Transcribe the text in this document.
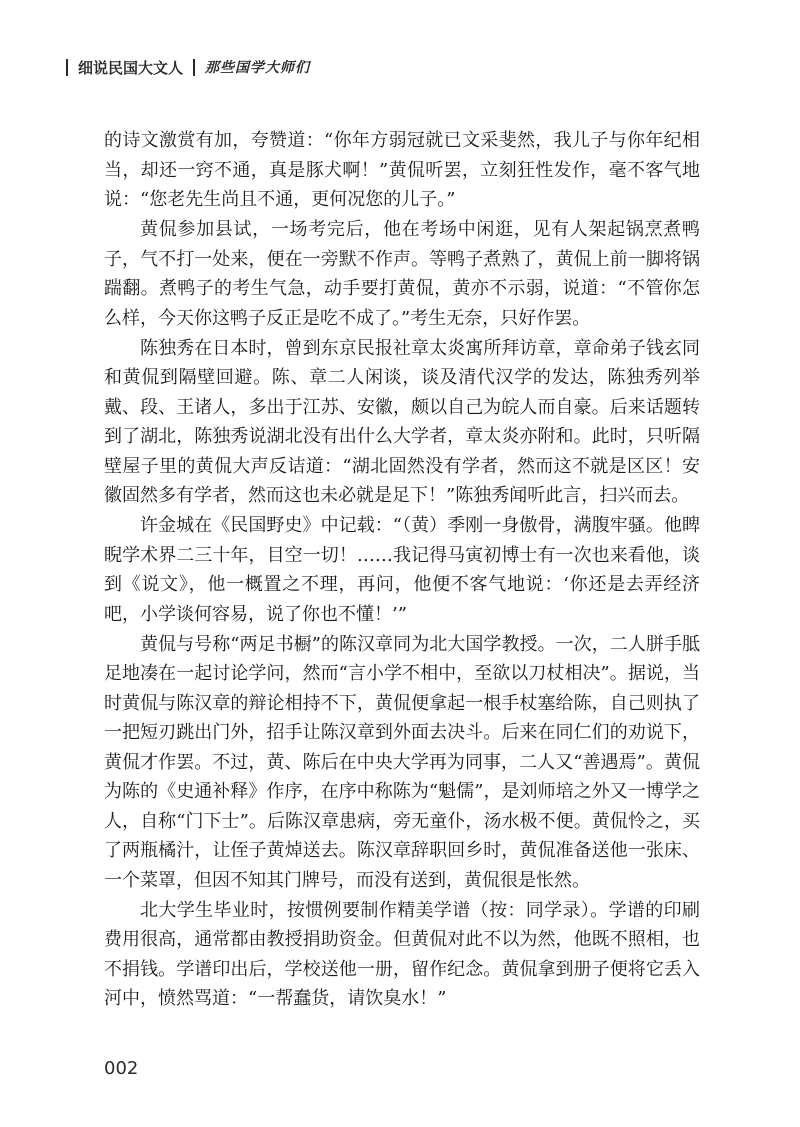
细说民国大文人 那些国学大师们

的诗文激赏有加，夸赞道：“你年方弱冠就已文采斐然，我儿子与你年纪相当，却还一窍不通，真是豚犬啊！”黄侃听罢，立刻狂性发作，毫不客气地说：“您老先生尚且不通，更何况您的儿子。”

黄侃参加县试，一场考完后，他在考场中闲逛，见有人架起锅烹煮鸭子，气不打一处来，便在一旁默不作声。等鸭子煮熟了，黄侃上前一脚将锅踹翻。煮鸭子的考生气急，动手要打黄侃，黄亦不示弱，说道：“不管你怎么样，今天你这鸭子反正是吃不成了。”考生无奈，只好作罢。

陈独秀在日本时，曾到东京民报社章太炎寓所拜访章，章命弟子钱玄同和黄侃到隔壁回避。陈、章二人闲谈，谈及清代汉学的发达，陈独秀列举戴、段、王诸人，多出于江苏、安徽，颇以自己为皖人而自豪。后来话题转到了湖北，陈独秀说湖北没有出什么大学者，章太炎亦附和。此时，只听隔壁屋子里的黄侃大声反诘道：“湖北固然没有学者，然而这不就是区区！安徽固然多有学者，然而这也未必就是足下！”陈独秀闻听此言，扫兴而去。

许金城在《民国野史》中记载：“（黄）季刚一身傲骨，满腹牢骚。他睥睨学术界二三十年，目空一切！……我记得马寅初博士有一次也来看他，谈到《说文》，他一概置之不理，再问，他便不客气地说：‘你还是去弄经济吧，小学谈何容易，说了你也不懂！’”

黄侃与号称“两足书橱”的陈汉章同为北大国学教授。一次，二人胼手胝足地凑在一起讨论学问，然而“言小学不相中，至欲以刀杖相决”。据说，当时黄侃与陈汉章的辩论相持不下，黄侃便拿起一根手杖塞给陈，自己则执了一把短刃跳出门外，招手让陈汉章到外面去决斗。后来在同仁们的劝说下，黄侃才作罢。不过，黄、陈后在中央大学再为同事，二人又“善遇焉”。黄侃为陈的《史通补释》作序，在序中称陈为“魁儒”，是刘师培之外又一博学之人，自称“门下士”。后陈汉章患病，旁无童仆，汤水极不便。黄侃怜之，买了两瓶橘汁，让侄子黄焯送去。陈汉章辞职回乡时，黄侃准备送他一张床、一个菜罩，但因不知其门牌号，而没有送到，黄侃很是怅然。

北大学生毕业时，按惯例要制作精美学谱（按：同学录）。学谱的印刷费用很高，通常都由教授捐助资金。但黄侃对此不以为然，他既不照相，也不捐钱。学谱印出后，学校送他一册，留作纪念。黄侃拿到册子便将它丢入河中，愤然骂道：“一帮蠢货，请饮臭水！”

002
